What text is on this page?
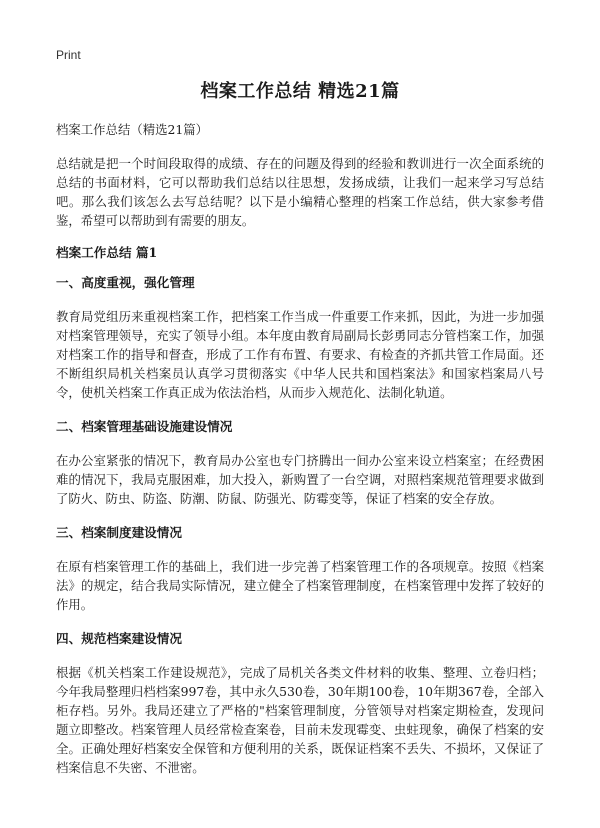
Print
档案工作总结 精选21篇

档案工作总结（精选21篇）

总结就是把一个时间段取得的成绩、存在的问题及得到的经验和教训进行一次全面系统的总结的书面材料，它可以帮助我们总结以往思想，发扬成绩，让我们一起来学习写总结吧。那么我们该怎么去写总结呢？以下是小编精心整理的档案工作总结，供大家参考借鉴，希望可以帮助到有需要的朋友。

档案工作总结 篇1

一、高度重视，强化管理

教育局党组历来重视档案工作，把档案工作当成一件重要工作来抓，因此，为进一步加强对档案管理领导，充实了领导小组。本年度由教育局副局长彭勇同志分管档案工作，加强对档案工作的指导和督查，形成了工作有布置、有要求、有检查的齐抓共管工作局面。还不断组织局机关档案员认真学习贯彻落实《中华人民共和国档案法》和国家档案局八号令，使机关档案工作真正成为依法治档，从而步入规范化、法制化轨道。

二、档案管理基础设施建设情况

在办公室紧张的情况下，教育局办公室也专门挤腾出一间办公室来设立档案室；在经费困难的情况下，我局克服困难，加大投入，新购置了一台空调，对照档案规范管理要求做到了防火、防虫、防盗、防潮、防鼠、防强光、防霉变等，保证了档案的安全存放。

三、档案制度建设情况

在原有档案管理工作的基础上，我们进一步完善了档案管理工作的各项规章。按照《档案法》的规定，结合我局实际情况，建立健全了档案管理制度，在档案管理中发挥了较好的作用。

四、规范档案建设情况

根据《机关档案工作建设规范》，完成了局机关各类文件材料的收集、整理、立卷归档；今年我局整理归档档案997卷，其中永久530卷，30年期100卷，10年期367卷，全部入柜存档。另外。我局还建立了严格的"档案管理制度，分管领导对档案定期检查，发现问题立即整改。档案管理人员经常检查案卷，目前未发现霉变、虫蛀现象，确保了档案的安全。正确处理好档案安全保管和方便利用的关系，既保证档案不丢失、不损坏，又保证了档案信息不失密、不泄密。
